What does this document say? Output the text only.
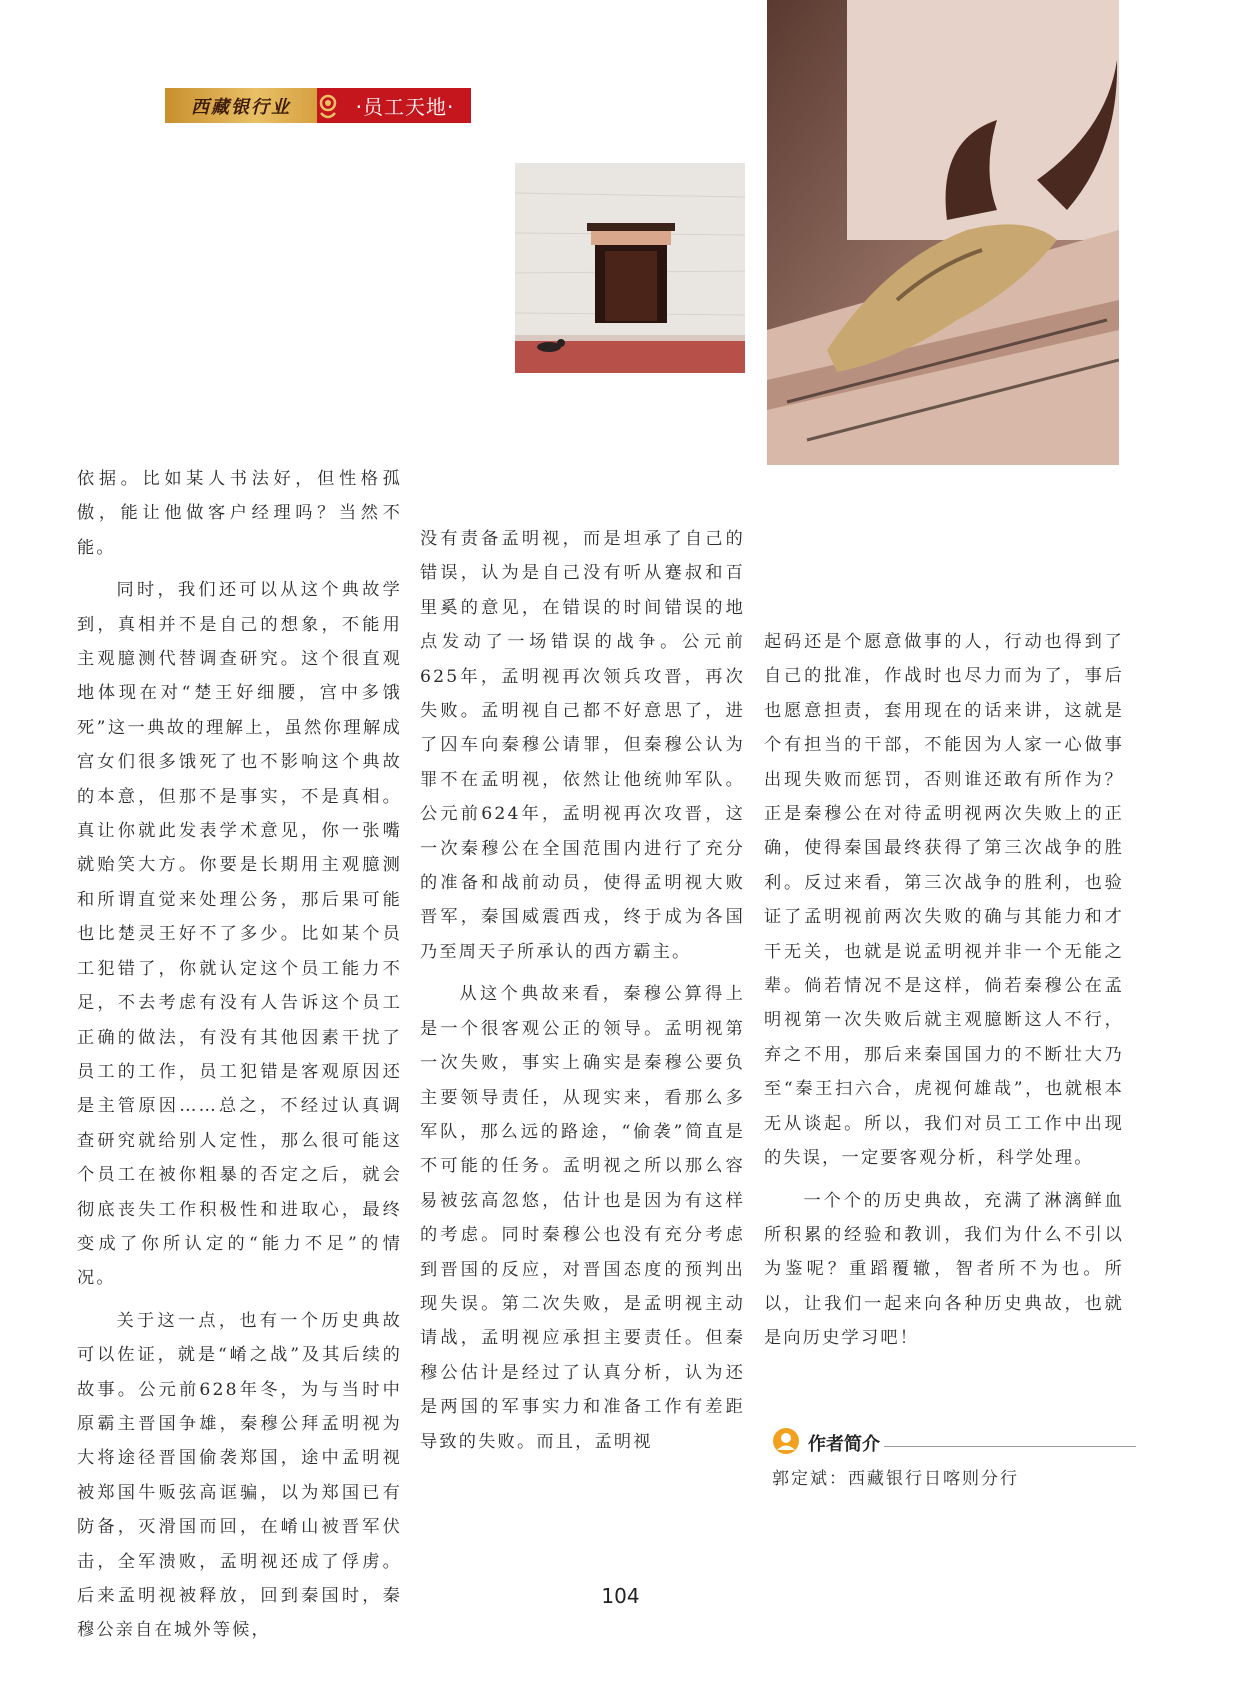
西藏银行业	·员工天地·

依据。比如某人书法好，但性格孤傲，能让他做客户经理吗？当然不能。

同时，我们还可以从这个典故学到，真相并不是自己的想象，不能用主观臆测代替调查研究。这个很直观地体现在对“楚王好细腰，宫中多饿死”这一典故的理解上，虽然你理解成宫女们很多饿死了也不影响这个典故的本意，但那不是事实，不是真相。真让你就此发表学术意见，你一张嘴就贻笑大方。你要是长期用主观臆测和所谓直觉来处理公务，那后果可能也比楚灵王好不了多少。比如某个员工犯错了，你就认定这个员工能力不足，不去考虑有没有人告诉这个员工正确的做法，有没有其他因素干扰了员工的工作，员工犯错是客观原因还是主管原因……总之，不经过认真调查研究就给别人定性，那么很可能这个员工在被你粗暴的否定之后，就会彻底丧失工作积极性和进取心，最终变成了你所认定的“能力不足”的情况。

关于这一点，也有一个历史典故可以佐证，就是“崤之战”及其后续的故事。公元前628年冬，为与当时中原霸主晋国争雄，秦穆公拜孟明视为大将途径晋国偷袭郑国，途中孟明视被郑国牛贩弦高诓骗，以为郑国已有防备，灭滑国而回，在崤山被晋军伏击，全军溃败，孟明视还成了俘虏。后来孟明视被释放，回到秦国时，秦穆公亲自在城外等候，

没有责备孟明视，而是坦承了自己的错误，认为是自己没有听从蹇叔和百里奚的意见，在错误的时间错误的地点发动了一场错误的战争。公元前625年，孟明视再次领兵攻晋，再次失败。孟明视自己都不好意思了，进了囚车向秦穆公请罪，但秦穆公认为罪不在孟明视，依然让他统帅军队。公元前624年，孟明视再次攻晋，这一次秦穆公在全国范围内进行了充分的准备和战前动员，使得孟明视大败晋军，秦国威震西戎，终于成为各国乃至周天子所承认的西方霸主。

从这个典故来看，秦穆公算得上是一个很客观公正的领导。孟明视第一次失败，事实上确实是秦穆公要负主要领导责任，从现实来，看那么多军队，那么远的路途，“偷袭”简直是不可能的任务。孟明视之所以那么容易被弦高忽悠，估计也是因为有这样的考虑。同时秦穆公也没有充分考虑到晋国的反应，对晋国态度的预判出现失误。第二次失败，是孟明视主动请战，孟明视应承担主要责任。但秦穆公估计是经过了认真分析，认为还是两国的军事实力和准备工作有差距导致的失败。而且，孟明视

起码还是个愿意做事的人，行动也得到了自己的批准，作战时也尽力而为了，事后也愿意担责，套用现在的话来讲，这就是个有担当的干部，不能因为人家一心做事出现失败而惩罚，否则谁还敢有所作为？正是秦穆公在对待孟明视两次失败上的正确，使得秦国最终获得了第三次战争的胜利。反过来看，第三次战争的胜利，也验证了孟明视前两次失败的确与其能力和才干无关，也就是说孟明视并非一个无能之辈。倘若情况不是这样，倘若秦穆公在孟明视第一次失败后就主观臆断这人不行，弃之不用，那后来秦国国力的不断壮大乃至“秦王扫六合，虎视何雄哉”，也就根本无从谈起。所以，我们对员工工作中出现的失误，一定要客观分析，科学处理。

一个个的历史典故，充满了淋漓鲜血所积累的经验和教训，我们为什么不引以为鉴呢？重蹈覆辙，智者所不为也。所以，让我们一起来向各种历史典故，也就是向历史学习吧！

作者简介
郭定斌：西藏银行日喀则分行
104
